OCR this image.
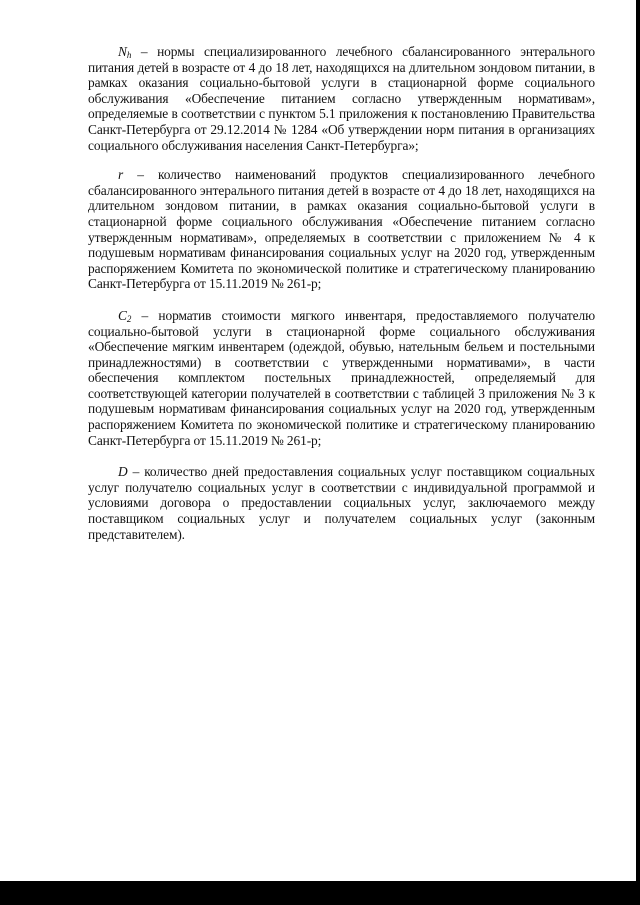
$N_h$ – нормы специализированного лечебного сбалансированного энтерального питания детей в возрасте от 4 до 18 лет, находящихся на длительном зондовом питании, в рамках оказания социально-бытовой услуги в стационарной форме социального обслуживания «Обеспечение питанием согласно утвержденным нормативам», определяемые в соответствии с пунктом 5.1 приложения к постановлению Правительства Санкт-Петербурга от 29.12.2014 № 1284 «Об утверждении норм питания в организациях социального обслуживания населения Санкт-Петербурга»;

r   –   количество   наименований   продуктов   специализированного   лечебного сбалансированного энтерального питания детей в возрасте от 4 до 18 лет, находящихся на длительном зондовом питании, в рамках оказания социально-бытовой услуги в стационарной форме социального обслуживания «Обеспечение питанием согласно утвержденным нормативам», определяемых в соответствии с приложением № 4 к подушевым нормативам финансирования социальных услуг на 2020 год, утвержденным распоряжением Комитета по экономической политике и стратегическому планированию Санкт-Петербурга от 15.11.2019 № 261-р;

$C_2$ – норматив стоимости мягкого инвентаря, предоставляемого получателю социально-бытовой услуги в стационарной форме социального обслуживания «Обеспечение мягким инвентарем (одеждой, обувью, нательным бельем и постельными принадлежностями) в соответствии с утвержденными нормативами», в части обеспечения комплектом постельных принадлежностей, определяемый для соответствующей категории получателей в соответствии с таблицей 3 приложения № 3 к подушевым нормативам финансирования социальных услуг на 2020 год, утвержденным распоряжением Комитета по экономической политике и стратегическому планированию Санкт-Петербурга от 15.11.2019 № 261-р;

D – количество дней предоставления социальных услуг поставщиком социальных услуг получателю социальных услуг в соответствии с индивидуальной программой и условиями договора о предоставлении социальных услуг, заключаемого между поставщиком социальных услуг и получателем социальных услуг (законным представителем).
